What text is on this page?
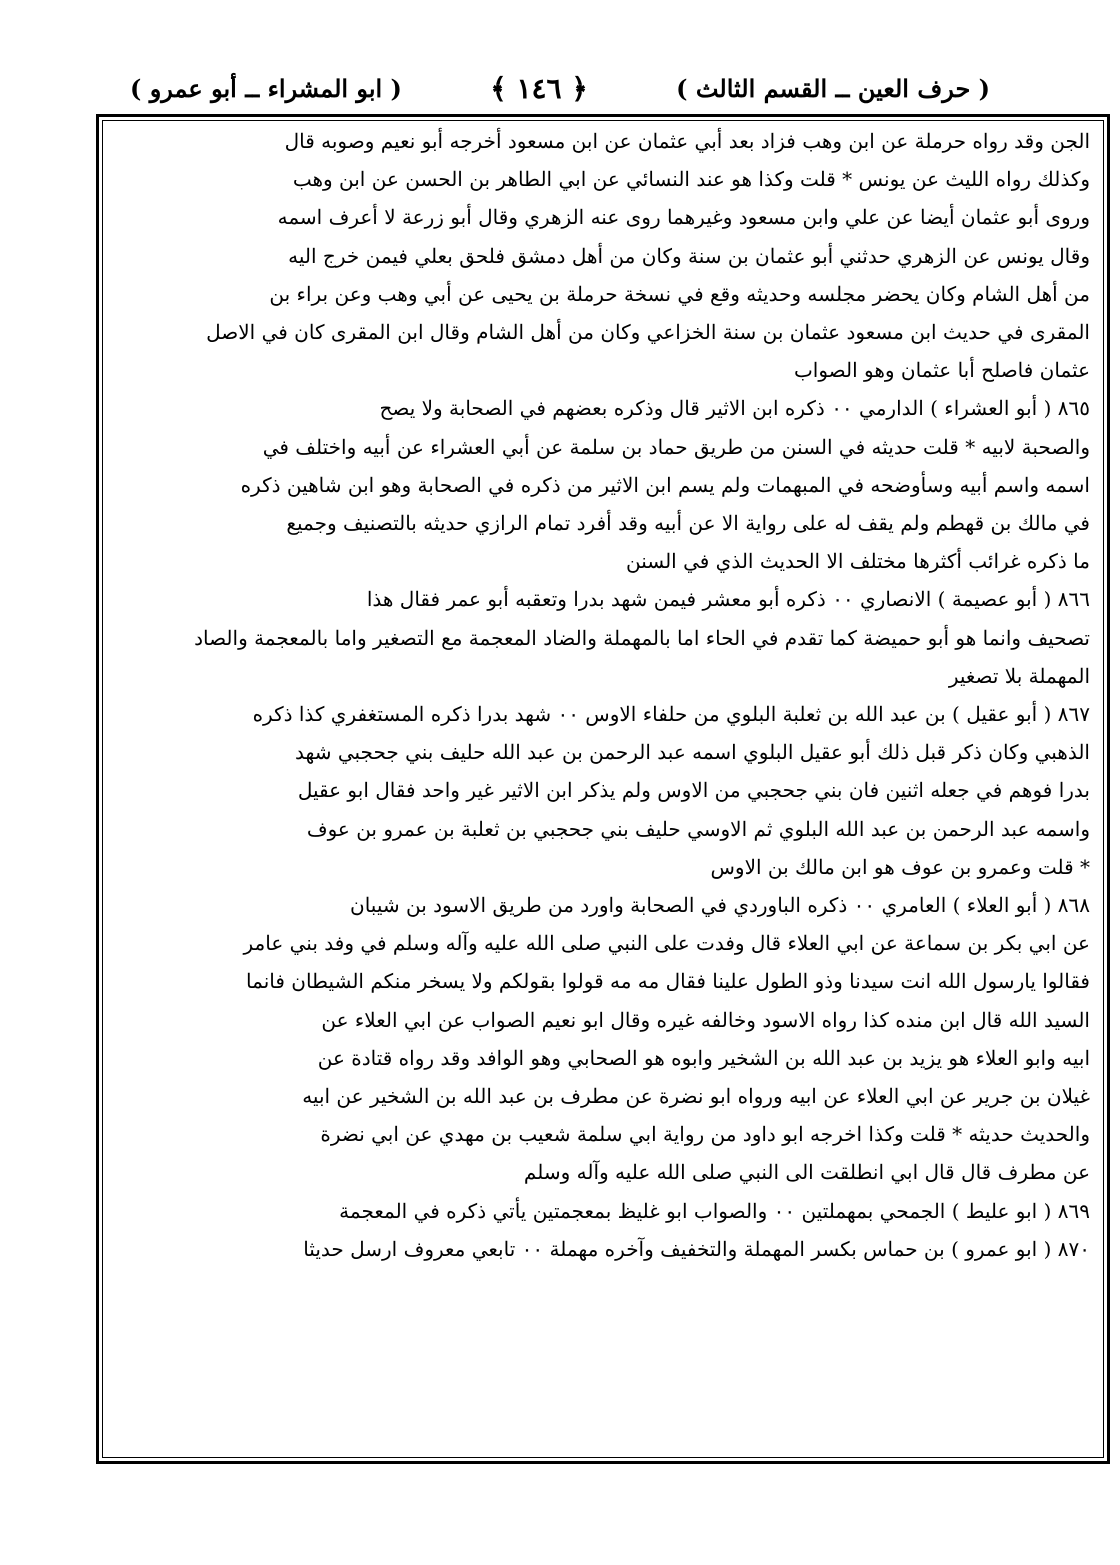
( حرف العين ــ القسم الثالث )
﴿ ١٤٦ ﴾
( ابو المشراء ــ أبو عمرو )
الجن وقد رواه حرملة عن ابن وهب فزاد بعد أبي عثمان عن ابن مسعود أخرجه أبو نعيم وصوبه قال
وكذلك رواه الليث عن يونس * قلت وكذا هو عند النسائي عن ابي الطاهر بن الحسن عن ابن وهب
وروى أبو عثمان أيضا عن علي وابن مسعود وغيرهما روى عنه الزهري وقال أبو زرعة لا أعرف اسمه
وقال يونس عن الزهري حدثني أبو عثمان بن سنة وكان من أهل دمشق فلحق بعلي فيمن خرج اليه
من أهل الشام وكان يحضر مجلسه وحديثه وقع في نسخة حرملة بن يحيى عن أبي وهب وعن براء بن
المقرى في حديث ابن مسعود عثمان بن سنة الخزاعي وكان من أهل الشام وقال ابن المقرى كان في الاصل
عثمان فاصلح أبا عثمان وهو الصواب
٨٦٥ ( أبو العشراء ) الدارمي ٠٠ ذكره ابن الاثير قال وذكره بعضهم في الصحابة ولا يصح
والصحبة لابيه * قلت حديثه في السنن من طريق حماد بن سلمة عن أبي العشراء عن أبيه واختلف في
اسمه واسم أبيه وسأوضحه في المبهمات ولم يسم ابن الاثير من ذكره في الصحابة وهو ابن شاهين ذكره
في مالك بن قهطم ولم يقف له على رواية الا عن أبيه وقد أفرد تمام الرازي حديثه بالتصنيف وجميع
ما ذكره غرائب أكثرها مختلف الا الحديث الذي في السنن
٨٦٦ ( أبو عصيمة ) الانصاري ٠٠ ذكره أبو معشر فيمن شهد بدرا وتعقبه أبو عمر فقال هذا
تصحيف وانما هو أبو حميضة كما تقدم في الحاء اما بالمهملة والضاد المعجمة مع التصغير واما بالمعجمة والصاد
المهملة بلا تصغير
٨٦٧ ( أبو عقيل ) بن عبد الله بن ثعلبة البلوي من حلفاء الاوس ٠٠ شهد بدرا ذكره المستغفري كذا ذكره
الذهبي وكان ذكر قبل ذلك أبو عقيل البلوي اسمه عبد الرحمن بن عبد الله حليف بني جحجبي شهد
بدرا فوهم في جعله اثنين فان بني جحجبي من الاوس ولم يذكر ابن الاثير غير واحد فقال ابو عقيل
واسمه عبد الرحمن بن عبد الله البلوي ثم الاوسي حليف بني جحجبي بن ثعلبة بن عمرو بن عوف
* قلت وعمرو بن عوف هو ابن مالك بن الاوس
٨٦٨ ( أبو العلاء ) العامري ٠٠ ذكره الباوردي في الصحابة واورد من طريق الاسود بن شيبان
عن ابي بكر بن سماعة عن ابي العلاء قال وفدت على النبي صلى الله عليه وآله وسلم في وفد بني عامر
فقالوا يارسول الله انت سيدنا وذو الطول علينا فقال مه مه قولوا بقولكم ولا يسخر منكم الشيطان فانما
السيد الله قال ابن منده كذا رواه الاسود وخالفه غيره وقال ابو نعيم الصواب عن ابي العلاء عن
ابيه وابو العلاء هو يزيد بن عبد الله بن الشخير وابوه هو الصحابي وهو الوافد وقد رواه قتادة عن
غيلان بن جرير عن ابي العلاء عن ابيه ورواه ابو نضرة عن مطرف بن عبد الله بن الشخير عن ابيه
والحديث حديثه * قلت وكذا اخرجه ابو داود من رواية ابي سلمة شعيب بن مهدي عن ابي نضرة
عن مطرف قال قال ابي انطلقت الى النبي صلى الله عليه وآله وسلم
٨٦٩ ( ابو عليط ) الجمحي بمهملتين ٠٠ والصواب ابو غليظ بمعجمتين يأتي ذكره في المعجمة
٨٧٠ ( ابو عمرو ) بن حماس بكسر المهملة والتخفيف وآخره مهملة ٠٠ تابعي معروف ارسل حديثا
